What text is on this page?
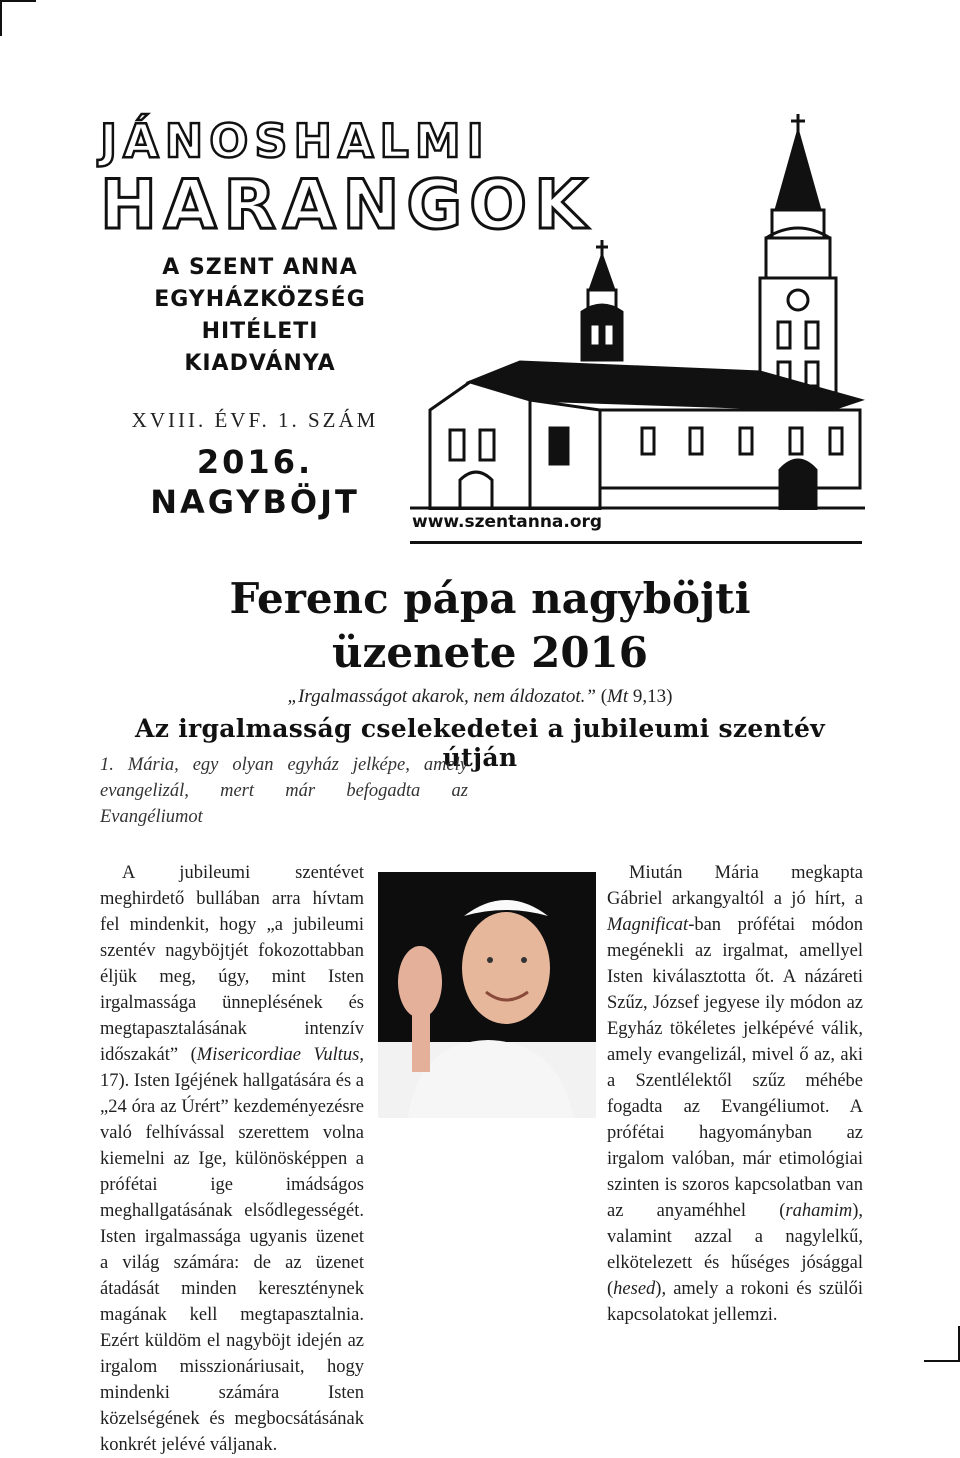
JÁNOSHALMI
HARANGOK
A SZENT ANNA
EGYHÁZKÖZSÉG
HITÉLETI
KIADVÁNYA
XVIII. ÉVF. 1. SZÁM
2016.
NAGYBÖJT
www.szentanna.org
Ferenc pápa nagyböjti
üzenete 2016
„Irgalmasságot akarok, nem áldozatot.” (Mt 9,13)
Az irgalmasság cselekedetei a jubileumi szentév útján

1. Mária, egy olyan egyház jelképe, amely evangelizál, mert már befogadta az Evangéliumot

A jubileumi szentévet meghirdető bullában arra hívtam fel mindenkit, hogy „a jubileumi szentév nagyböjtjét fokozottabban éljük meg, úgy, mint Isten irgalmassága ünneplésének és megtapasztalásának intenzív időszakát” (Misericordiae Vultus, 17). Isten Igéjének hallgatására és a „24 óra az Úrért” kezdeményezésre való felhívással szerettem volna kiemelni az Ige, különösképpen a prófétai ige imádságos meghallgatásának elsődlegességét. Isten irgalmassága ugyanis üzenet a világ számára: de az üzenet átadását minden kereszténynek magának kell megtapasztalnia. Ezért küldöm el nagyböjt idején az irgalom misszionáriusait, hogy mindenki számára Isten közelségének és megbocsátásának konkrét jelévé váljanak.

Miután Mária megkapta Gábriel arkangyaltól a jó hírt, a Magnificat-ban prófétai módon megénekli az irgalmat, amellyel Isten kiválasztotta őt. A názáreti Szűz, József jegyese ily módon az Egyház tökéletes jelképévé válik, amely evangelizál, mivel ő az, aki a Szentlélektől szűz méhébe fogadta az Evangéliumot. A prófétai hagyományban az irgalom valóban, már etimológiai szinten is szoros kapcsolatban van az anyaméhhel (rahamim), valamint azzal a nagylelkű, elkötelezett és hűséges jósággal (hesed), amely a rokoni és szülői kapcsolatokat jellemzi.
